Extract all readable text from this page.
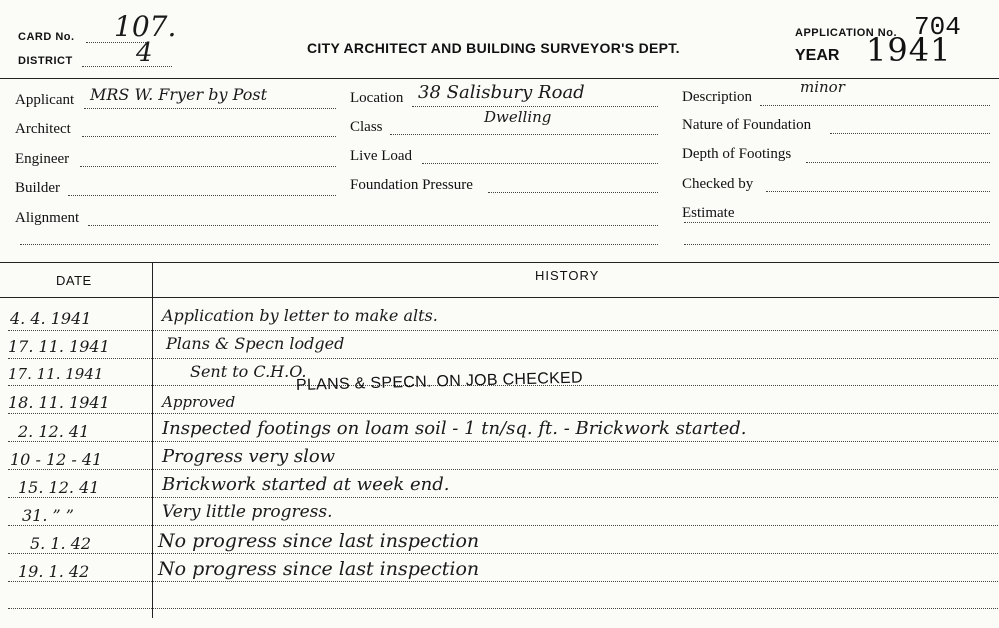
CARD No. 107.
DISTRICT 4	CITY ARCHITECT AND BUILDING SURVEYOR'S DEPT.
APPLICATION No. 704
YEAR 1941
Applicant MRS W. Fryer by Post
Architect
Engineer
Builder
Alignment
Location 38 Salisbury Road
Class
Dwelling
Live Load
Foundation Pressure
Description
minor
Nature of Foundation
Depth of Footings
Checked by
Estimate
DATE	HISTORY
4. 4. 1941	Application by letter to make alts.
17. 11. 1941	Plans & Specn lodged
17. 11. 1941	Sent to C.H.O.
PLANS & SPECN. ON JOB CHECKED
18. 11. 1941	Approved
2. 12. 41	Inspected footings on loam soil - 1 tn/sq. ft. - Brickwork started.
10 - 12 - 41	Progress very slow
15. 12. 41	Brickwork started at week end.
31. ” ”	Very little progress.
5. 1. 42	No progress since last inspection
19. 1. 42	No progress since last inspection
